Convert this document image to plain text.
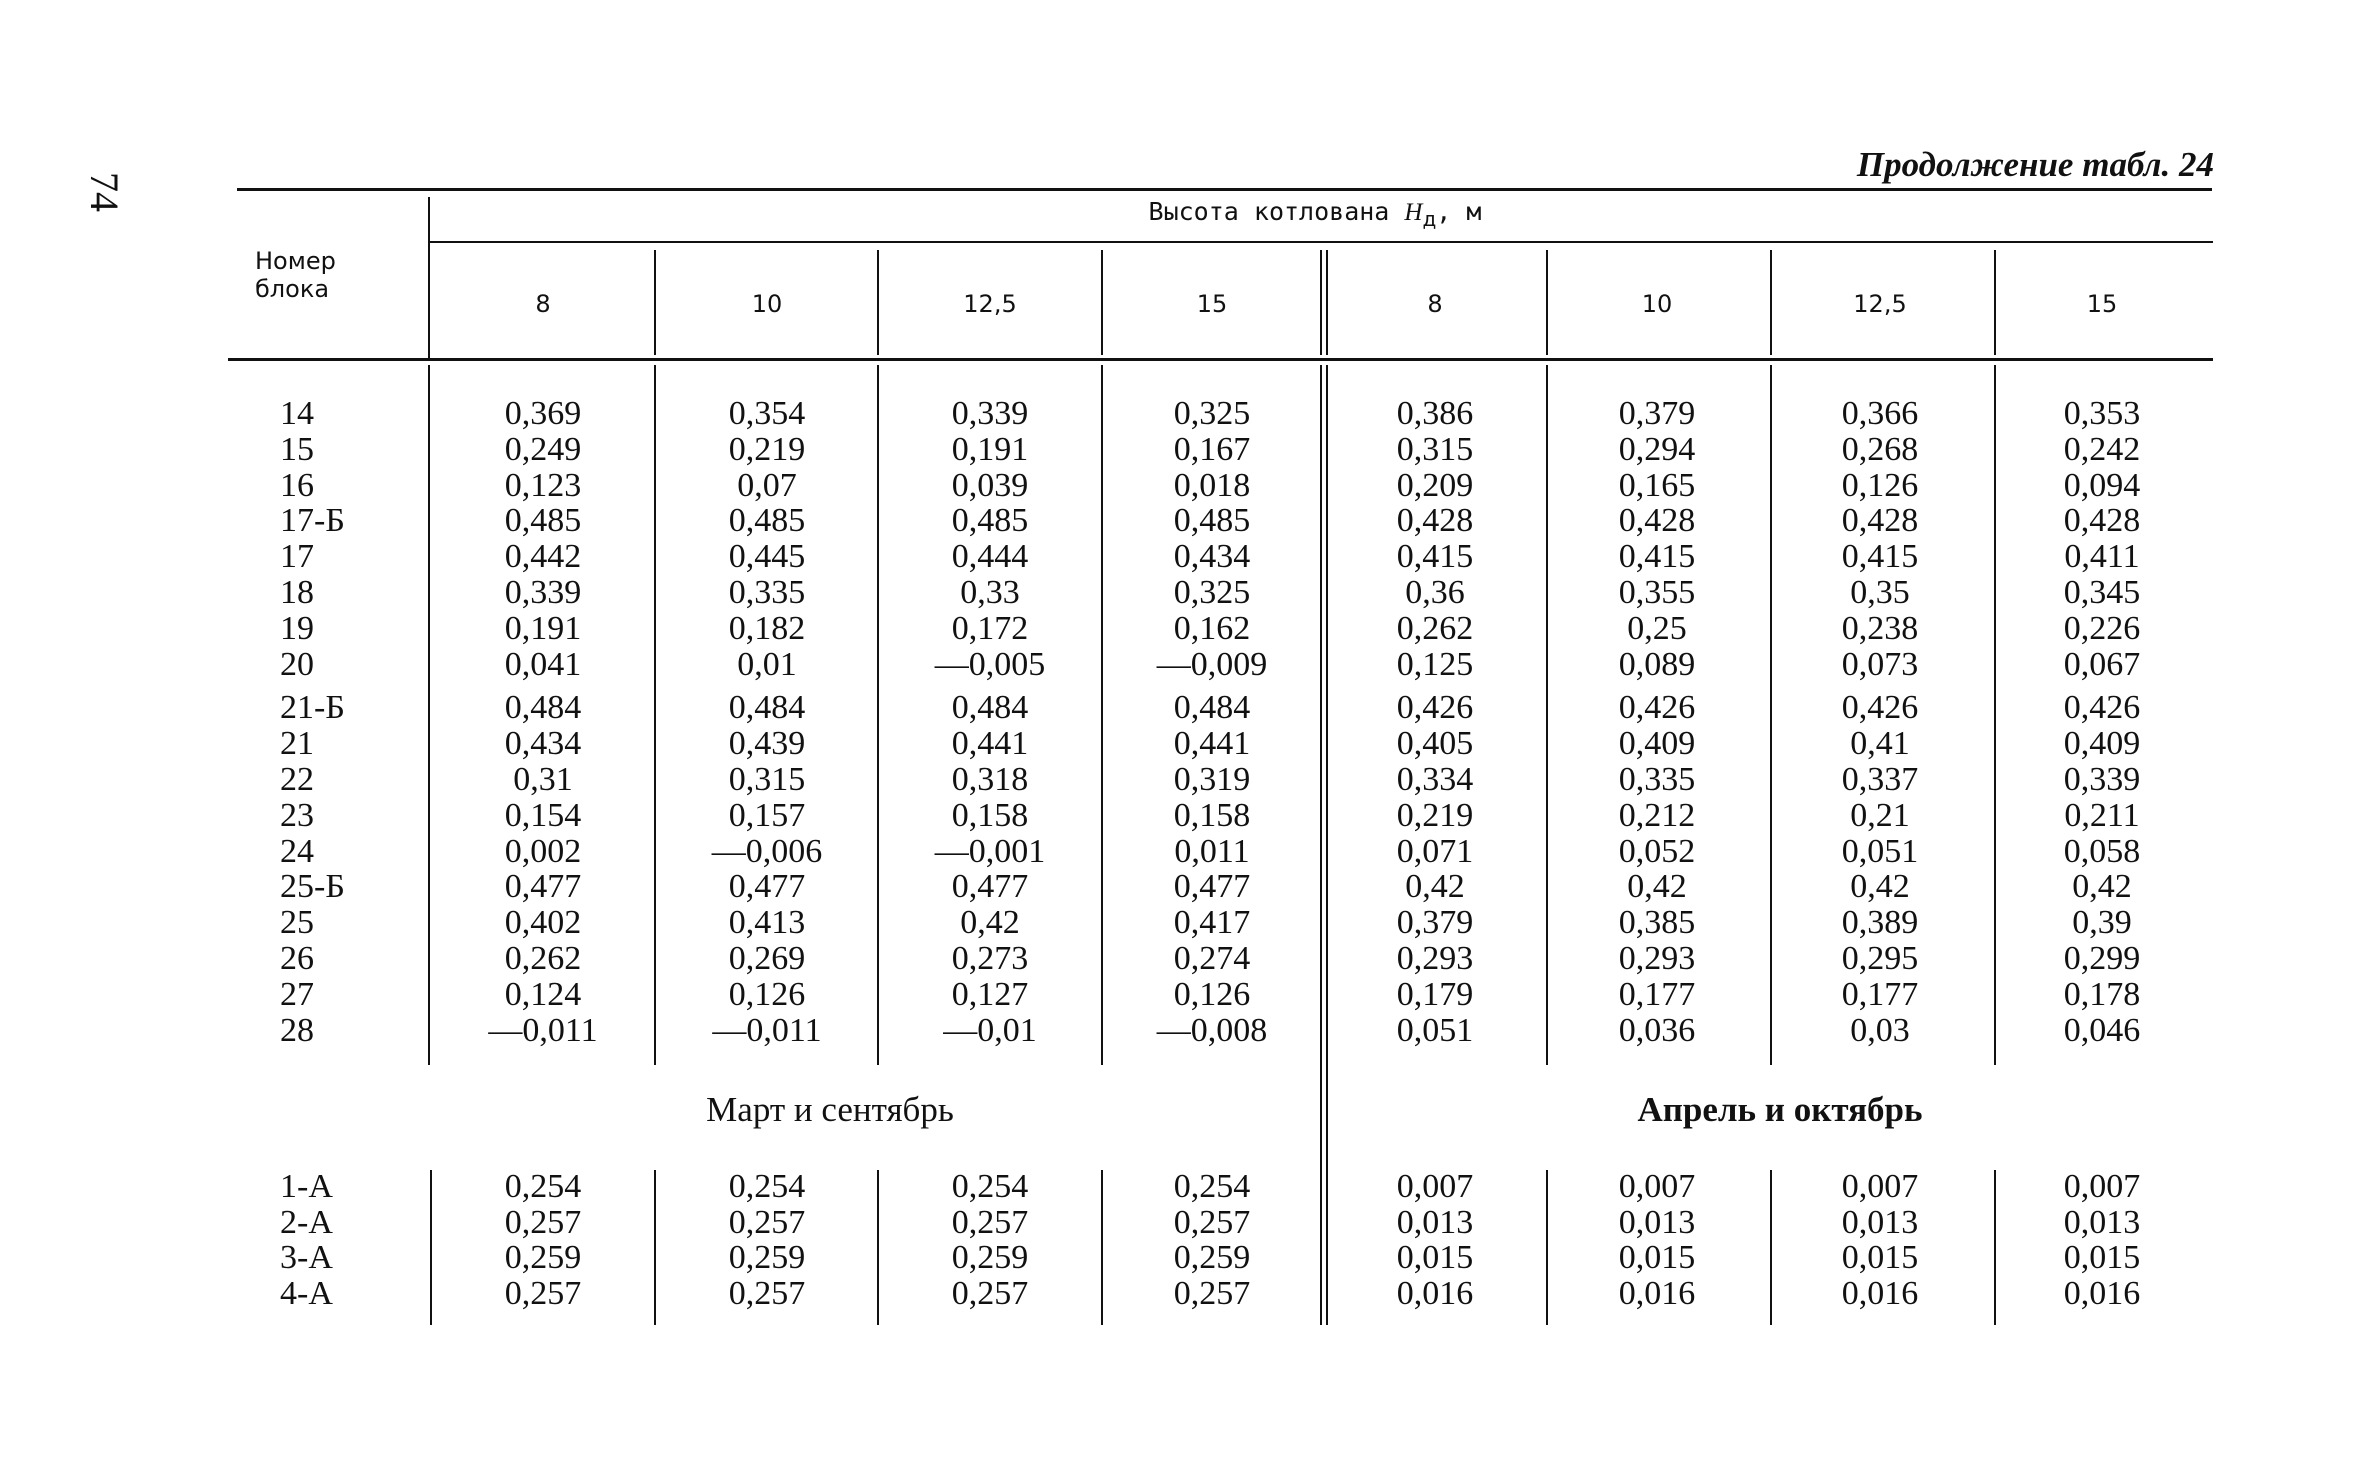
74
Продолжение табл. 24
Номер
блока
Высота котлована $H_д$, м
8	10	12,5	15	8	10	12,5	15
14	0,369	0,354	0,339	0,325	0,386	0,379	0,366	0,353
15	0,249	0,219	0,191	0,167	0,315	0,294	0,268	0,242
16	0,123	0,07	0,039	0,018	0,209	0,165	0,126	0,094
17-Б	0,485	0,485	0,485	0,485	0,428	0,428	0,428	0,428
17	0,442	0,445	0,444	0,434	0,415	0,415	0,415	0,411
18	0,339	0,335	0,33	0,325	0,36	0,355	0,35	0,345
19	0,191	0,182	0,172	0,162	0,262	0,25	0,238	0,226
20	0,041	0,01	—0,005	—0,009	0,125	0,089	0,073	0,067
21-Б	0,484	0,484	0,484	0,484	0,426	0,426	0,426	0,426
21	0,434	0,439	0,441	0,441	0,405	0,409	0,41	0,409
22	0,31	0,315	0,318	0,319	0,334	0,335	0,337	0,339
23	0,154	0,157	0,158	0,158	0,219	0,212	0,21	0,211
24	0,002	—0,006	—0,001	0,011	0,071	0,052	0,051	0,058
25-Б	0,477	0,477	0,477	0,477	0,42	0,42	0,42	0,42
25	0,402	0,413	0,42	0,417	0,379	0,385	0,389	0,39
26	0,262	0,269	0,273	0,274	0,293	0,293	0,295	0,299
27	0,124	0,126	0,127	0,126	0,179	0,177	0,177	0,178
28	—0,011	—0,011	—0,01	—0,008	0,051	0,036	0,03	0,046
1-А	0,254	0,254	0,254	0,254	0,007	0,007	0,007	0,007
2-А	0,257	0,257	0,257	0,257	0,013	0,013	0,013	0,013
3-А	0,259	0,259	0,259	0,259	0,015	0,015	0,015	0,015
4-А	0,257	0,257	0,257	0,257	0,016	0,016	0,016	0,016
Март и сентябрь	Апрель и октябрь
